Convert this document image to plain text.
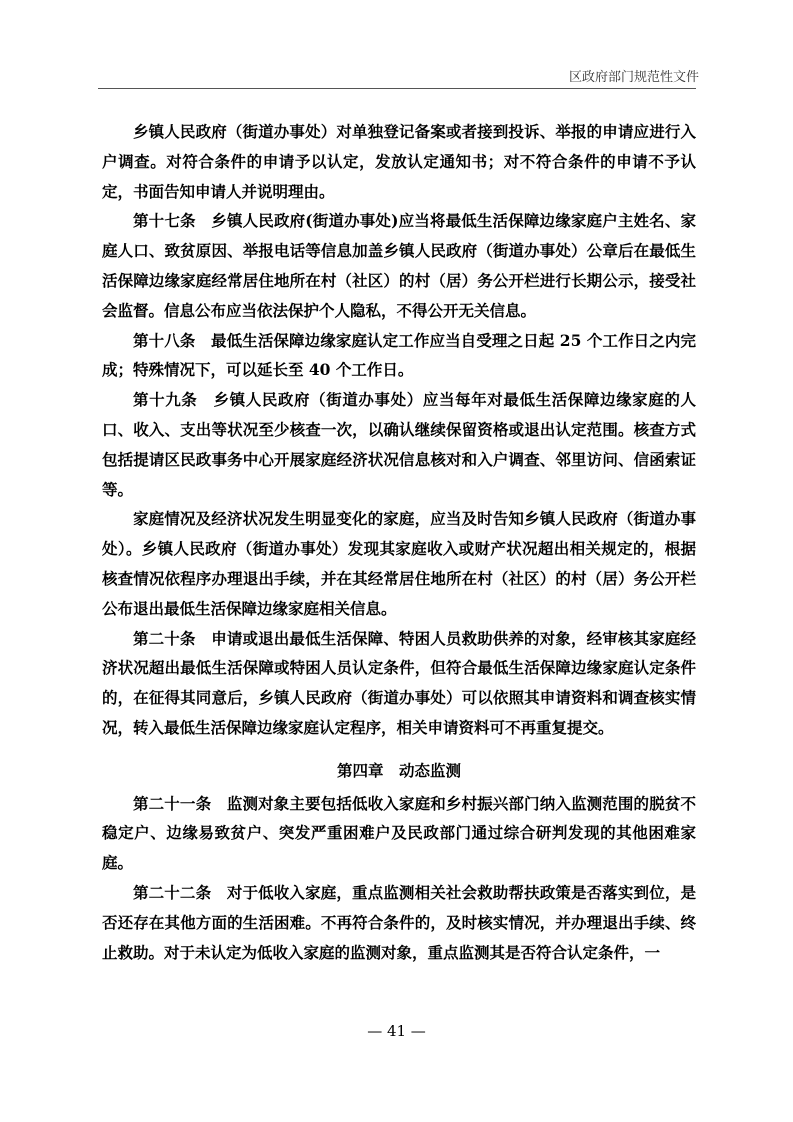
区政府部门规范性文件

乡镇人民政府（街道办事处）对单独登记备案或者接到投诉、举报的申请应进行入户调查。对符合条件的申请予以认定，发放认定通知书；对不符合条件的申请不予认定，书面告知申请人并说明理由。

第十七条　乡镇人民政府(街道办事处)应当将最低生活保障边缘家庭户主姓名、家庭人口、致贫原因、举报电话等信息加盖乡镇人民政府（街道办事处）公章后在最低生活保障边缘家庭经常居住地所在村（社区）的村（居）务公开栏进行长期公示，接受社会监督。信息公布应当依法保护个人隐私，不得公开无关信息。

第十八条　最低生活保障边缘家庭认定工作应当自受理之日起 25 个工作日之内完成；特殊情况下，可以延长至 40 个工作日。

第十九条　乡镇人民政府（街道办事处）应当每年对最低生活保障边缘家庭的人口、收入、支出等状况至少核查一次，以确认继续保留资格或退出认定范围。核查方式包括提请区民政事务中心开展家庭经济状况信息核对和入户调查、邻里访问、信函索证等。

家庭情况及经济状况发生明显变化的家庭，应当及时告知乡镇人民政府（街道办事处）。乡镇人民政府（街道办事处）发现其家庭收入或财产状况超出相关规定的，根据核查情况依程序办理退出手续，并在其经常居住地所在村（社区）的村（居）务公开栏公布退出最低生活保障边缘家庭相关信息。

第二十条　申请或退出最低生活保障、特困人员救助供养的对象，经审核其家庭经济状况超出最低生活保障或特困人员认定条件，但符合最低生活保障边缘家庭认定条件的，在征得其同意后，乡镇人民政府（街道办事处）可以依照其申请资料和调查核实情况，转入最低生活保障边缘家庭认定程序，相关申请资料可不再重复提交。

第四章　动态监测

第二十一条　监测对象主要包括低收入家庭和乡村振兴部门纳入监测范围的脱贫不稳定户、边缘易致贫户、突发严重困难户及民政部门通过综合研判发现的其他困难家庭。

第二十二条　对于低收入家庭，重点监测相关社会救助帮扶政策是否落实到位，是否还存在其他方面的生活困难。不再符合条件的，及时核实情况，并办理退出手续、终止救助。对于未认定为低收入家庭的监测对象，重点监测其是否符合认定条件，一

— 41 —
